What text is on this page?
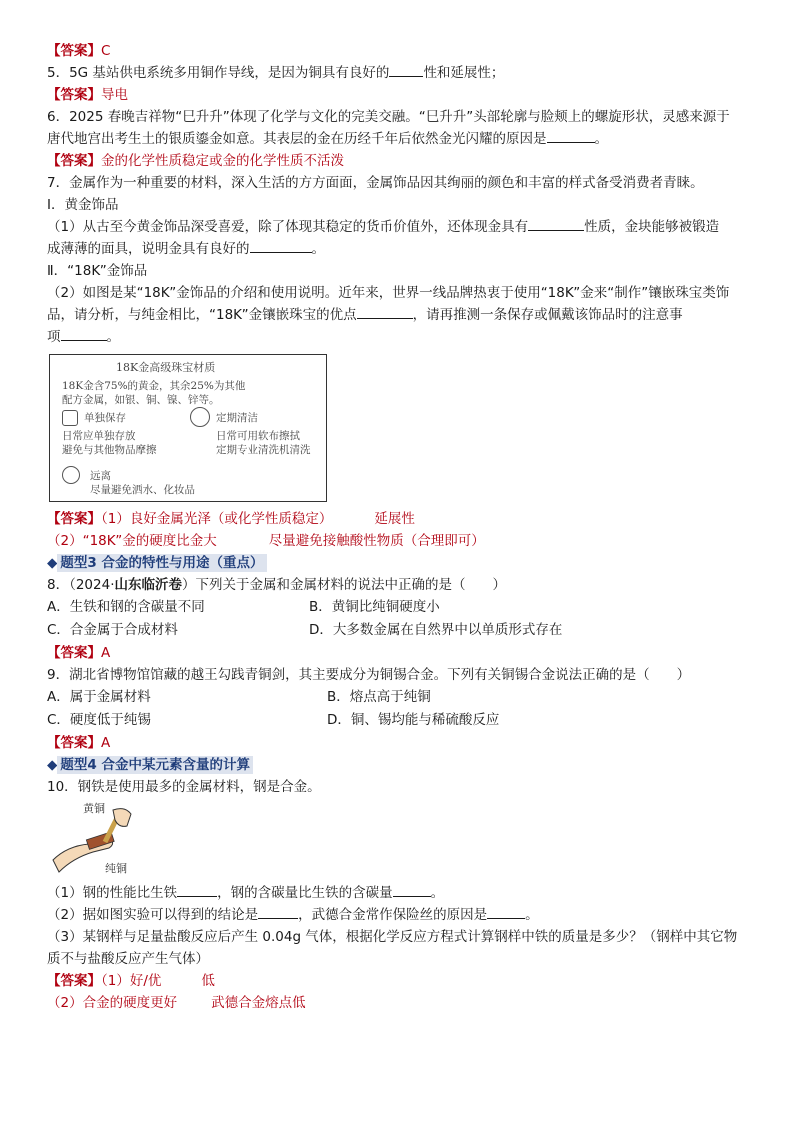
【答案】C
5．5G 基站供电系统多用铜作导线，是因为铜具有良好的	性和延展性；
【答案】导电
6．2025 春晚吉祥物“巳升升”体现了化学与文化的完美交融。“巳升升”头部轮廓与脸颊上的螺旋形状，灵感来源于
唐代地宫出考生土的银质鎏金如意。其表层的金在历经千年后依然金光闪耀的原因是	。
【答案】金的化学性质稳定或金的化学性质不活泼
7．金属作为一种重要的材料，深入生活的方方面面，金属饰品因其绚丽的颜色和丰富的样式备受消费者青睐。
Ⅰ．黄金饰品
（1）从古至今黄金饰品深受喜爱，除了体现其稳定的货币价值外，还体现金具有	性质，金块能够被锻造
成薄薄的面具，说明金具有良好的	。
Ⅱ．“18K”金饰品
（2）如图是某“18K”金饰品的介绍和使用说明。近年来，世界一线品牌热衷于使用“18K”金来“制作”镶嵌珠宝类饰
品，请分析，与纯金相比，“18K”金镶嵌珠宝的优点	，请再推测一条保存或佩戴该饰品时的注意事
项	。
18K金高级珠宝材质
18K金含75%的黄金，其余25%为其他
配方金属，如银、铜、镍、锌等。
单独保存
日常应单独存放
避免与其他物品摩擦
定期清洁
日常可用软布擦拭
定期专业清洗机清洗
远离
尽量避免洒水、化妆品
【答案】（1）良好金属光泽（或化学性质稳定）	延展性
（2）“18K”金的硬度比金大	尽量避免接触酸性物质（合理即可）
◆ 题型3 合金的特性与用途（重点）
8．（2024·山东临沂卷）下列关于金属和金属材料的说法中正确的是（　　）
A．生铁和钢的含碳量不同	B．黄铜比纯铜硬度小
C．合金属于合成材料	D．大多数金属在自然界中以单质形式存在
【答案】A
9．湖北省博物馆馆藏的越王勾践青铜剑，其主要成分为铜锡合金。下列有关铜锡合金说法正确的是（　　）
A．属于金属材料	B．熔点高于纯铜
C．硬度低于纯锡	D．铜、锡均能与稀硫酸反应
【答案】A
◆ 题型4 合金中某元素含量的计算
10．钢铁是使用最多的金属材料，钢是合金。
黄铜
纯铜
（1）钢的性能比生铁	，钢的含碳量比生铁的含碳量	。
（2）据如图实验可以得到的结论是	，武德合金常作保险丝的原因是	。
（3）某钢样与足量盐酸反应后产生 0.04g 气体，根据化学反应方程式计算钢样中铁的质量是多少？（钢样中其它物
质不与盐酸反应产生气体）
【答案】（1）好/优	低
（2）合金的硬度更好	武德合金熔点低
